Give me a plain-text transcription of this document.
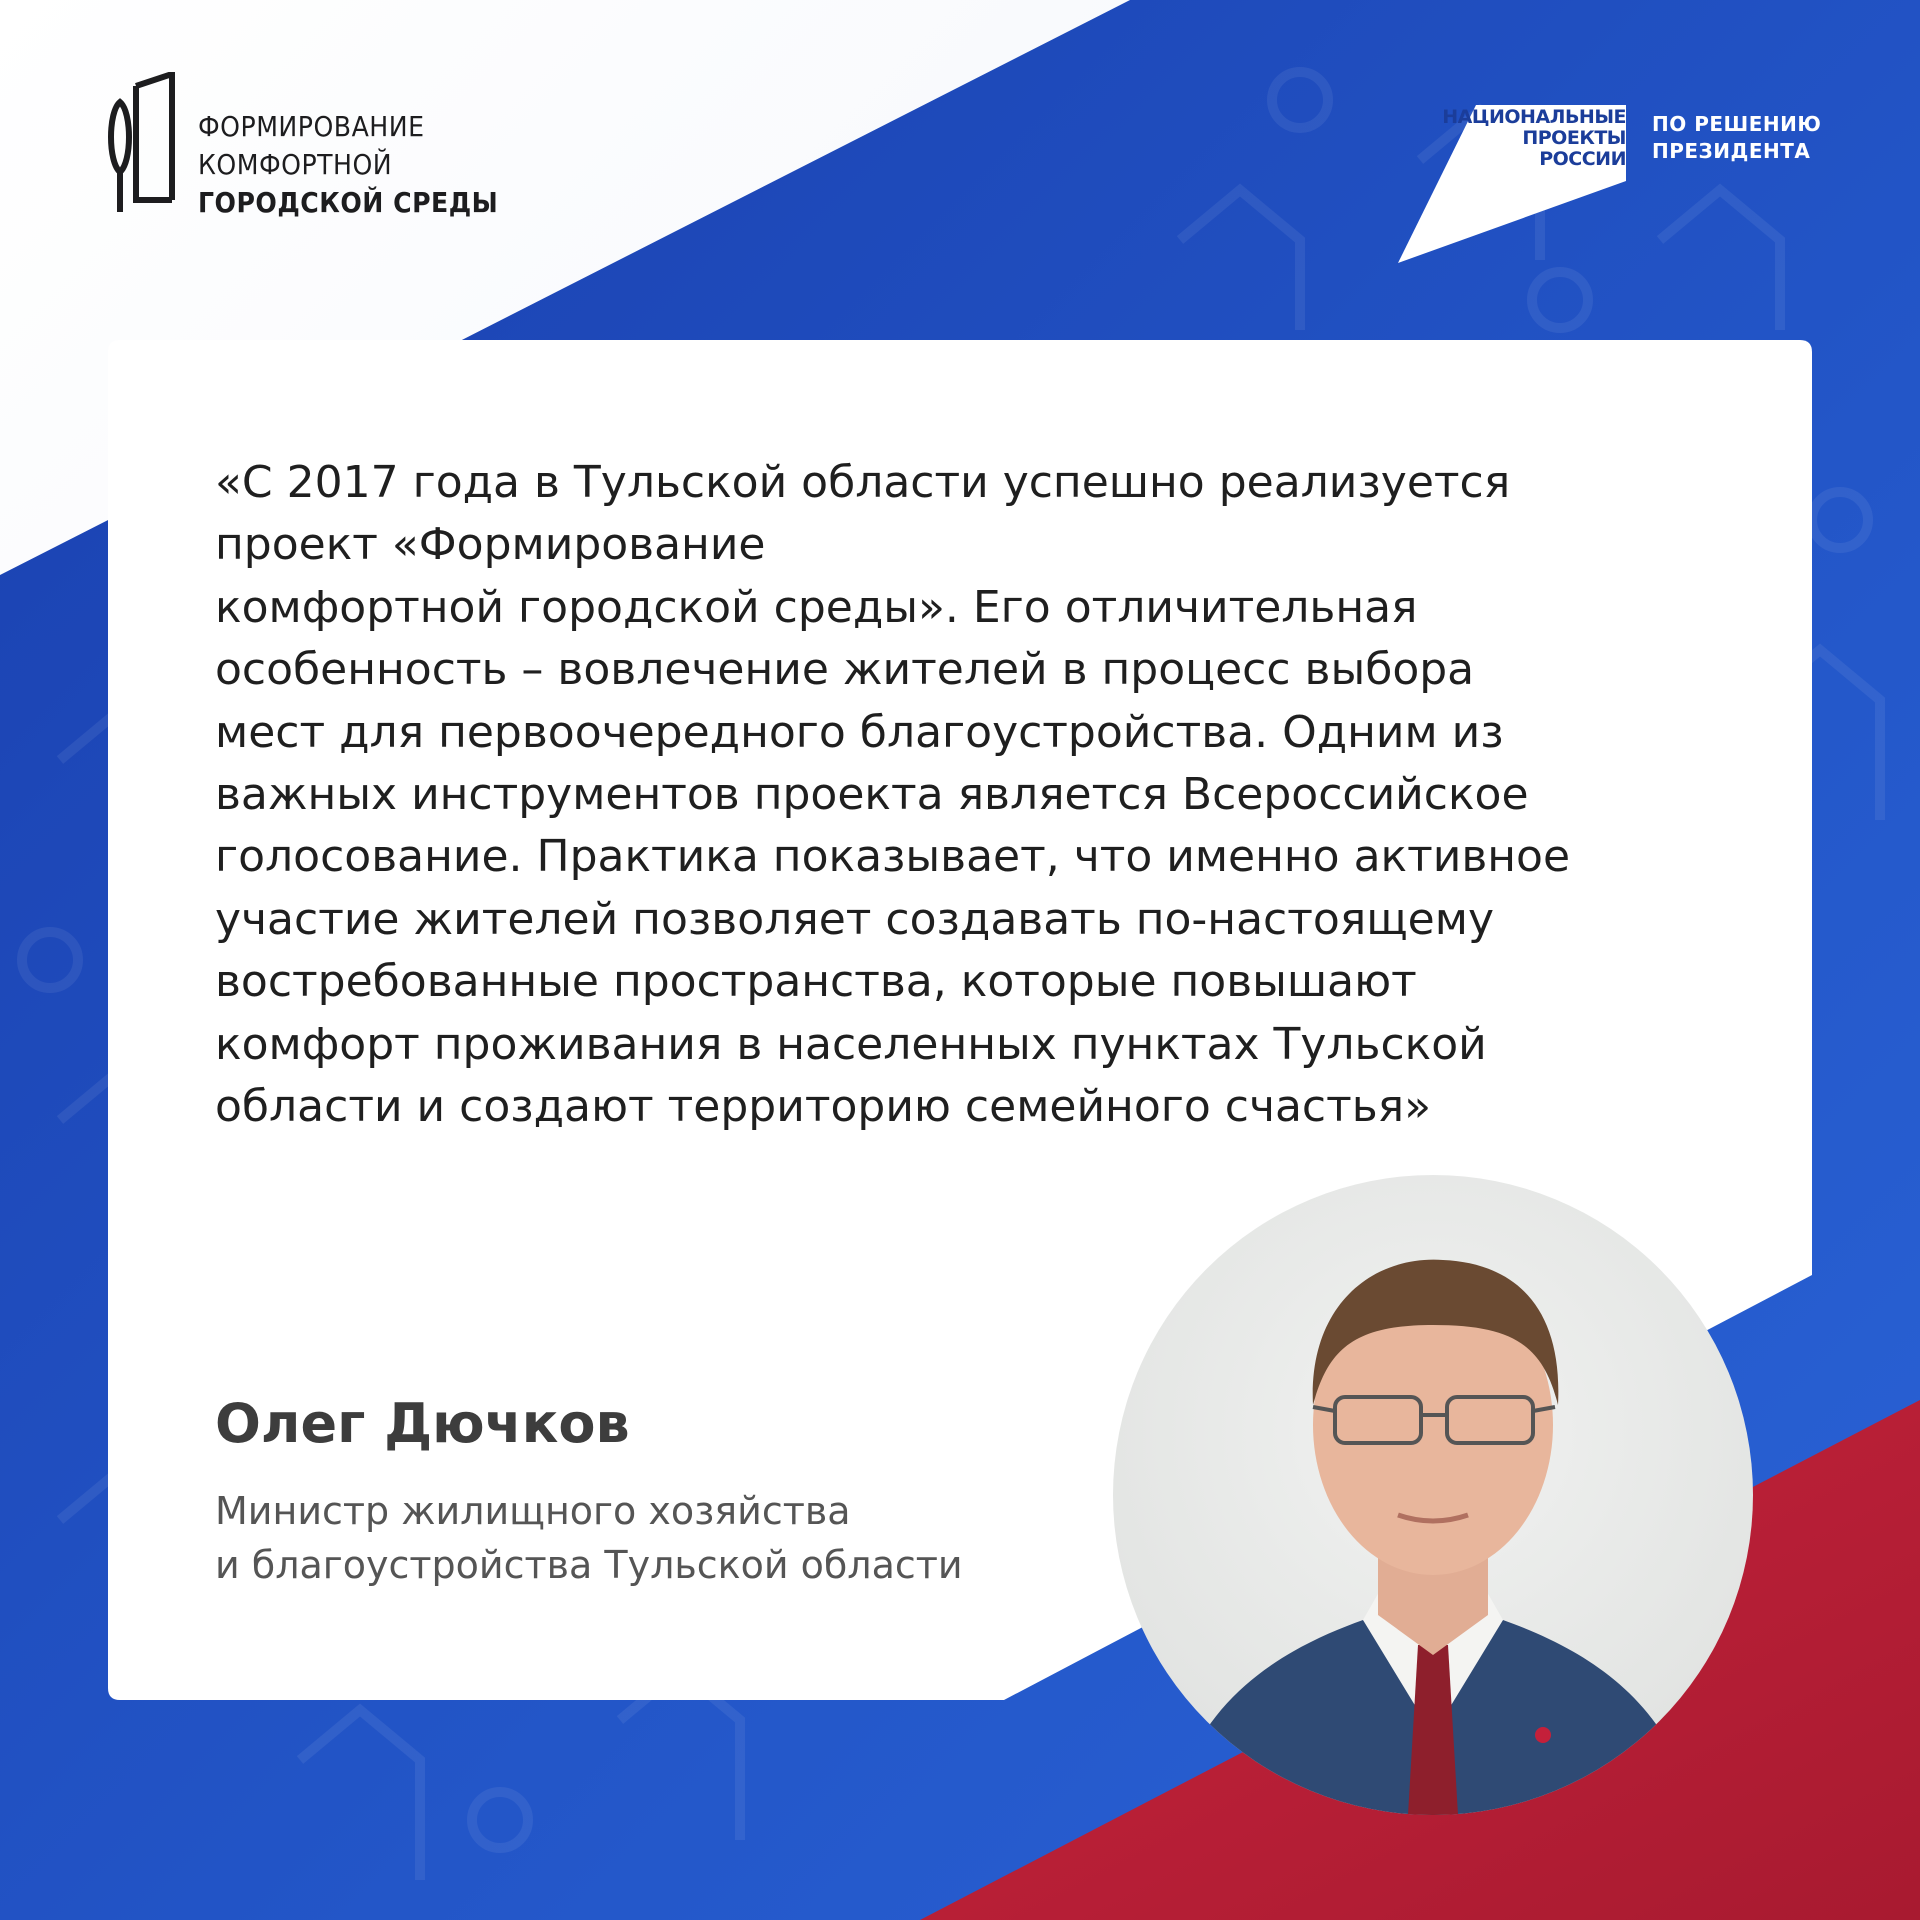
ФОРМИРОВАНИЕ
КОМФОРТНОЙ
ГОРОДСКОЙ СРЕДЫ
НАЦИОНАЛЬНЫЕ
ПРОЕКТЫ
РОССИИ
ПО РЕШЕНИЮ
ПРЕЗИДЕНТА
«С 2017 года в Тульской области успешно реализуется
проект «Формирование
комфортной городской среды». Его отличительная
особенность – вовлечение жителей в процесс выбора
мест для первоочередного благоустройства. Одним из
важных инструментов проекта является Всероссийское
голосование. Практика показывает, что именно активное
участие жителей позволяет создавать по-настоящему
востребованные пространства, которые повышают
комфорт проживания в населенных пунктах Тульской
области и создают территорию семейного счастья»
Олег Дючков
Министр жилищного хозяйства
и благоустройства Тульской области
